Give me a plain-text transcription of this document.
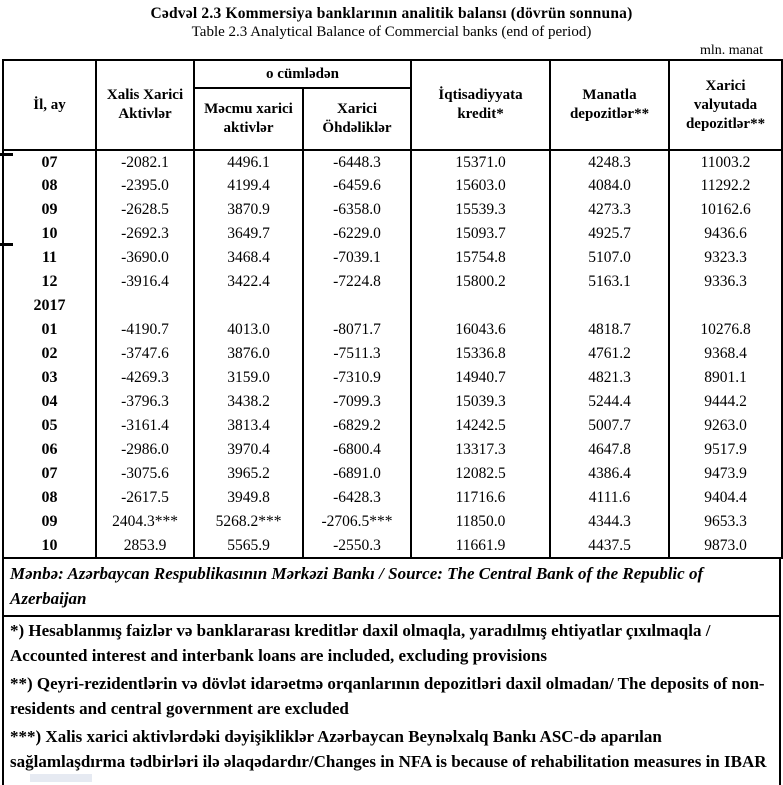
Cədvəl 2.3 Kommersiya banklarının analitik balansı (dövrün sonnuna)
Table 2.3 Analytical Balance of Commercial banks (end of period)
mln. manat
İl, ay	Xalis Xarici Aktivlər	o cümlədən		İqtisadiyyata kredit*	Manatla depozitlər**	Xarici valyutada depozitlər**
		Məcmu xarici aktivlər	Xarici Öhdəliklər			
07	-2082.1	4496.1	-6448.3	15371.0	4248.3	11003.2
08	-2395.0	4199.4	-6459.6	15603.0	4084.0	11292.2
09	-2628.5	3870.9	-6358.0	15539.3	4273.3	10162.6
10	-2692.3	3649.7	-6229.0	15093.7	4925.7	9436.6
11	-3690.0	3468.4	-7039.1	15754.8	5107.0	9323.3
12	-3916.4	3422.4	-7224.8	15800.2	5163.1	9336.3
2017						
01	-4190.7	4013.0	-8071.7	16043.6	4818.7	10276.8
02	-3747.6	3876.0	-7511.3	15336.8	4761.2	9368.4
03	-4269.3	3159.0	-7310.9	14940.7	4821.3	8901.1
04	-3796.3	3438.2	-7099.3	15039.3	5244.4	9444.2
05	-3161.4	3813.4	-6829.2	14242.5	5007.7	9263.0
06	-2986.0	3970.4	-6800.4	13317.3	4647.8	9517.9
07	-3075.6	3965.2	-6891.0	12082.5	4386.4	9473.9
08	-2617.5	3949.8	-6428.3	11716.6	4111.6	9404.4
09	2404.3***	5268.2***	-2706.5***	11850.0	4344.3	9653.3
10	2853.9	5565.9	-2550.3	11661.9	4437.5	9873.0
Mənbə: Azərbaycan Respublikasının Mərkəzi Bankı / Source: The Central Bank of the Republic of Azerbaijan
*) Hesablanmış faizlər və banklararası kreditlər daxil olmaqla, yaradılmış ehtiyatlar çıxılmaqla / Accounted interest and interbank loans are included, excluding provisions
**) Qeyri-rezidentlərin və dövlət idarəetmə orqanlarının depozitləri daxil olmadan/ The deposits of non-residents and central government are excluded
***) Xalis xarici aktivlərdəki dəyişikliklər Azərbaycan Beynəlxalq Bankı ASC-də aparılan sağlamlaşdırma tədbirləri ilə əlaqədardır/Changes in NFA is because of rehabilitation measures in IBAR
